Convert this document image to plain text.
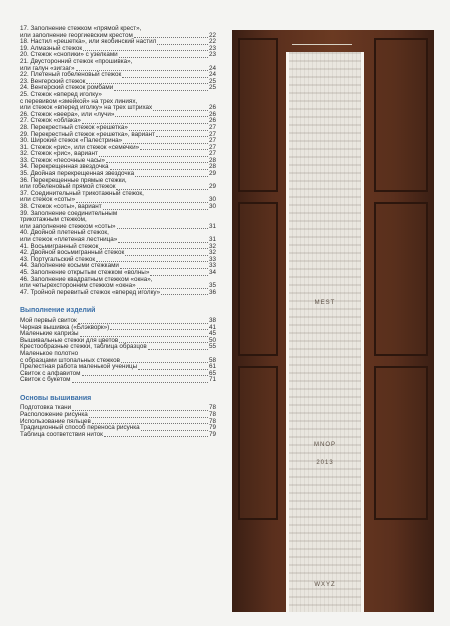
17. Заполнение стежком «прямой крест»,
или заполнение георгиевским крестом	22
18. Настил «решетка», или якобинский настил	22
19. Алмазный стежок	23
20. Стежок «снопики» с узелками	23
21. Двусторонний стежок «прошивка»,
или галун «зигзаг»	24
22. Плетеный гобеленовый стежок	24
23. Венгерский стежок	25
24. Венгерский стежок ромбами	25
25. Стежок «вперед иголку»
с перевивом «змейкой» на трех линиях,
или стежок «вперед иголку» на трех штрихах	26
26. Стежок «веера», или «лучи»	26
27. Стежок «облака»	26
28. Перекрестный стежок «решетка»	27
29. Перекрестный стежок «решетка», вариант	27
30. Широкий стежок «Палестрина»	27
31. Стежок «рис», или стежок «семечки»	27
32. Стежок «рис», вариант	27
33. Стежок «песочные часы»	28
34. Перекрещенная звездочка	28
35. Двойная перекрещенная звездочка	29
36. Перекрещенные прямые стежки,
или гобеленовый прямой стежок	29
37. Соединительный трикотажный стежок,
или стежок «соты»	30
38. Стежок «соты», вариант	30
39. Заполнение соединительным
трикотажным стежком,
или заполнение стежком «соты»	31
40. Двойной плетеный стежок,
или стежок «плетеная лестница»	31
41. Восьмигранный стежок	32
42. Двойной восьмигранный стежок	32
43. Португальский стежок	33
44. Заполнение косыми стежками	33
45. Заполнение открытым стежком «волны»	34
46. Заполнение квадратным стежком «окна»,
или четырехсторонним стежком «окна»	35
47. Тройной перевитый стежок «вперед иголку»	36
Выполнение изделий
Мой первый свиток	38
Черная вышивка («Блэкворк»)	41
Маленькие капризы	45
Вышивальные стежки для цветов	50
Крестообразные стежки, таблица образцов	55
Маленькое полотно
с образцами штопальных стежков	58
Прелестная работа маленькой ученицы	61
Свиток с алфавитом	65
Свиток с букетом	71
Основы вышивания
Подготовка ткани	78
Расположение рисунка	78
Использование пяльцев	78
Традиционный способ переноса рисунка	79
Таблица соответствия ниток	79
MEST
MNOP
2013
WXYZ
